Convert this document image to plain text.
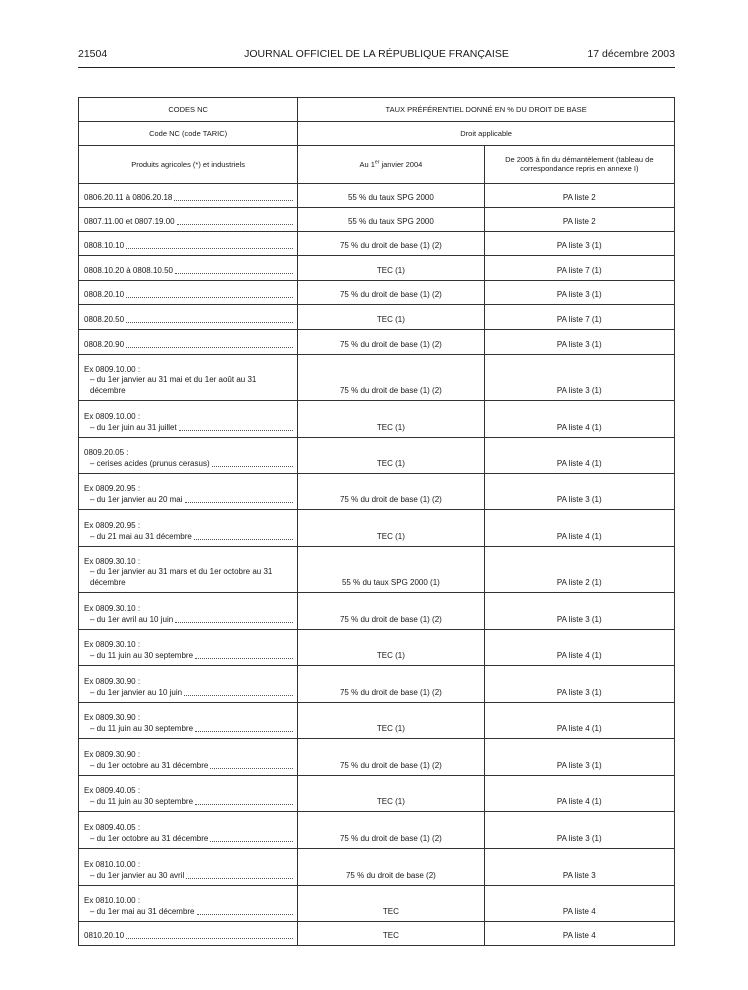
21504	JOURNAL OFFICIEL DE LA RÉPUBLIQUE FRANÇAISE	17 décembre 2003
CODES NC	TAUX PRÉFÉRENTIEL DONNÉ EN % DU DROIT DE BASE	
Code NC (code TARIC)	Droit applicable	
Produits agricoles (*) et industriels	Au 1er janvier 2004	De 2005 à fin du démantèlement (tableau de correspondance repris en annexe I)

0806.20.11 à 0806.20.18	55 % du taux SPG 2000	PA liste 2

0807.11.00 et 0807.19.00	55 % du taux SPG 2000	PA liste 2

0808.10.10	75 % du droit de base (1) (2)	PA liste 3 (1)

0808.10.20 à 0808.10.50	TEC (1)	PA liste 7 (1)

0808.20.10	75 % du droit de base (1) (2)	PA liste 3 (1)

0808.20.50	TEC (1)	PA liste 7 (1)

0808.20.90	75 % du droit de base (1) (2)	PA liste 3 (1)

Ex 0809.10.00 :
– du 1er janvier au 31 mai et du 1er août au 31 décembre	75 % du droit de base (1) (2)	PA liste 3 (1)

Ex 0809.10.00 :
– du 1er juin au 31 juillet	TEC (1)	PA liste 4 (1)

0809.20.05 :
– cerises acides (prunus cerasus)	TEC (1)	PA liste 4 (1)

Ex 0809.20.95 :
– du 1er janvier au 20 mai	75 % du droit de base (1) (2)	PA liste 3 (1)

Ex 0809.20.95 :
– du 21 mai au 31 décembre	TEC (1)	PA liste 4 (1)

Ex 0809.30.10 :
– du 1er janvier au 31 mars et du 1er octobre au 31 décembre	55 % du taux SPG 2000 (1)	PA liste 2 (1)

Ex 0809.30.10 :
– du 1er avril au 10 juin	75 % du droit de base (1) (2)	PA liste 3 (1)

Ex 0809.30.10 :
– du 11 juin au 30 septembre	TEC (1)	PA liste 4 (1)

Ex 0809.30.90 :
– du 1er janvier au 10 juin	75 % du droit de base (1) (2)	PA liste 3 (1)

Ex 0809.30.90 :
– du 11 juin au 30 septembre	TEC (1)	PA liste 4 (1)

Ex 0809.30.90 :
– du 1er octobre au 31 décembre	75 % du droit de base (1) (2)	PA liste 3 (1)

Ex 0809.40.05 :
– du 11 juin au 30 septembre	TEC (1)	PA liste 4 (1)

Ex 0809.40.05 :
– du 1er octobre au 31 décembre	75 % du droit de base (1) (2)	PA liste 3 (1)

Ex 0810.10.00 :
– du 1er janvier au 30 avril	75 % du droit de base (2)	PA liste 3

Ex 0810.10.00 :
– du 1er mai au 31 décembre	TEC	PA liste 4

0810.20.10	TEC	PA liste 4
